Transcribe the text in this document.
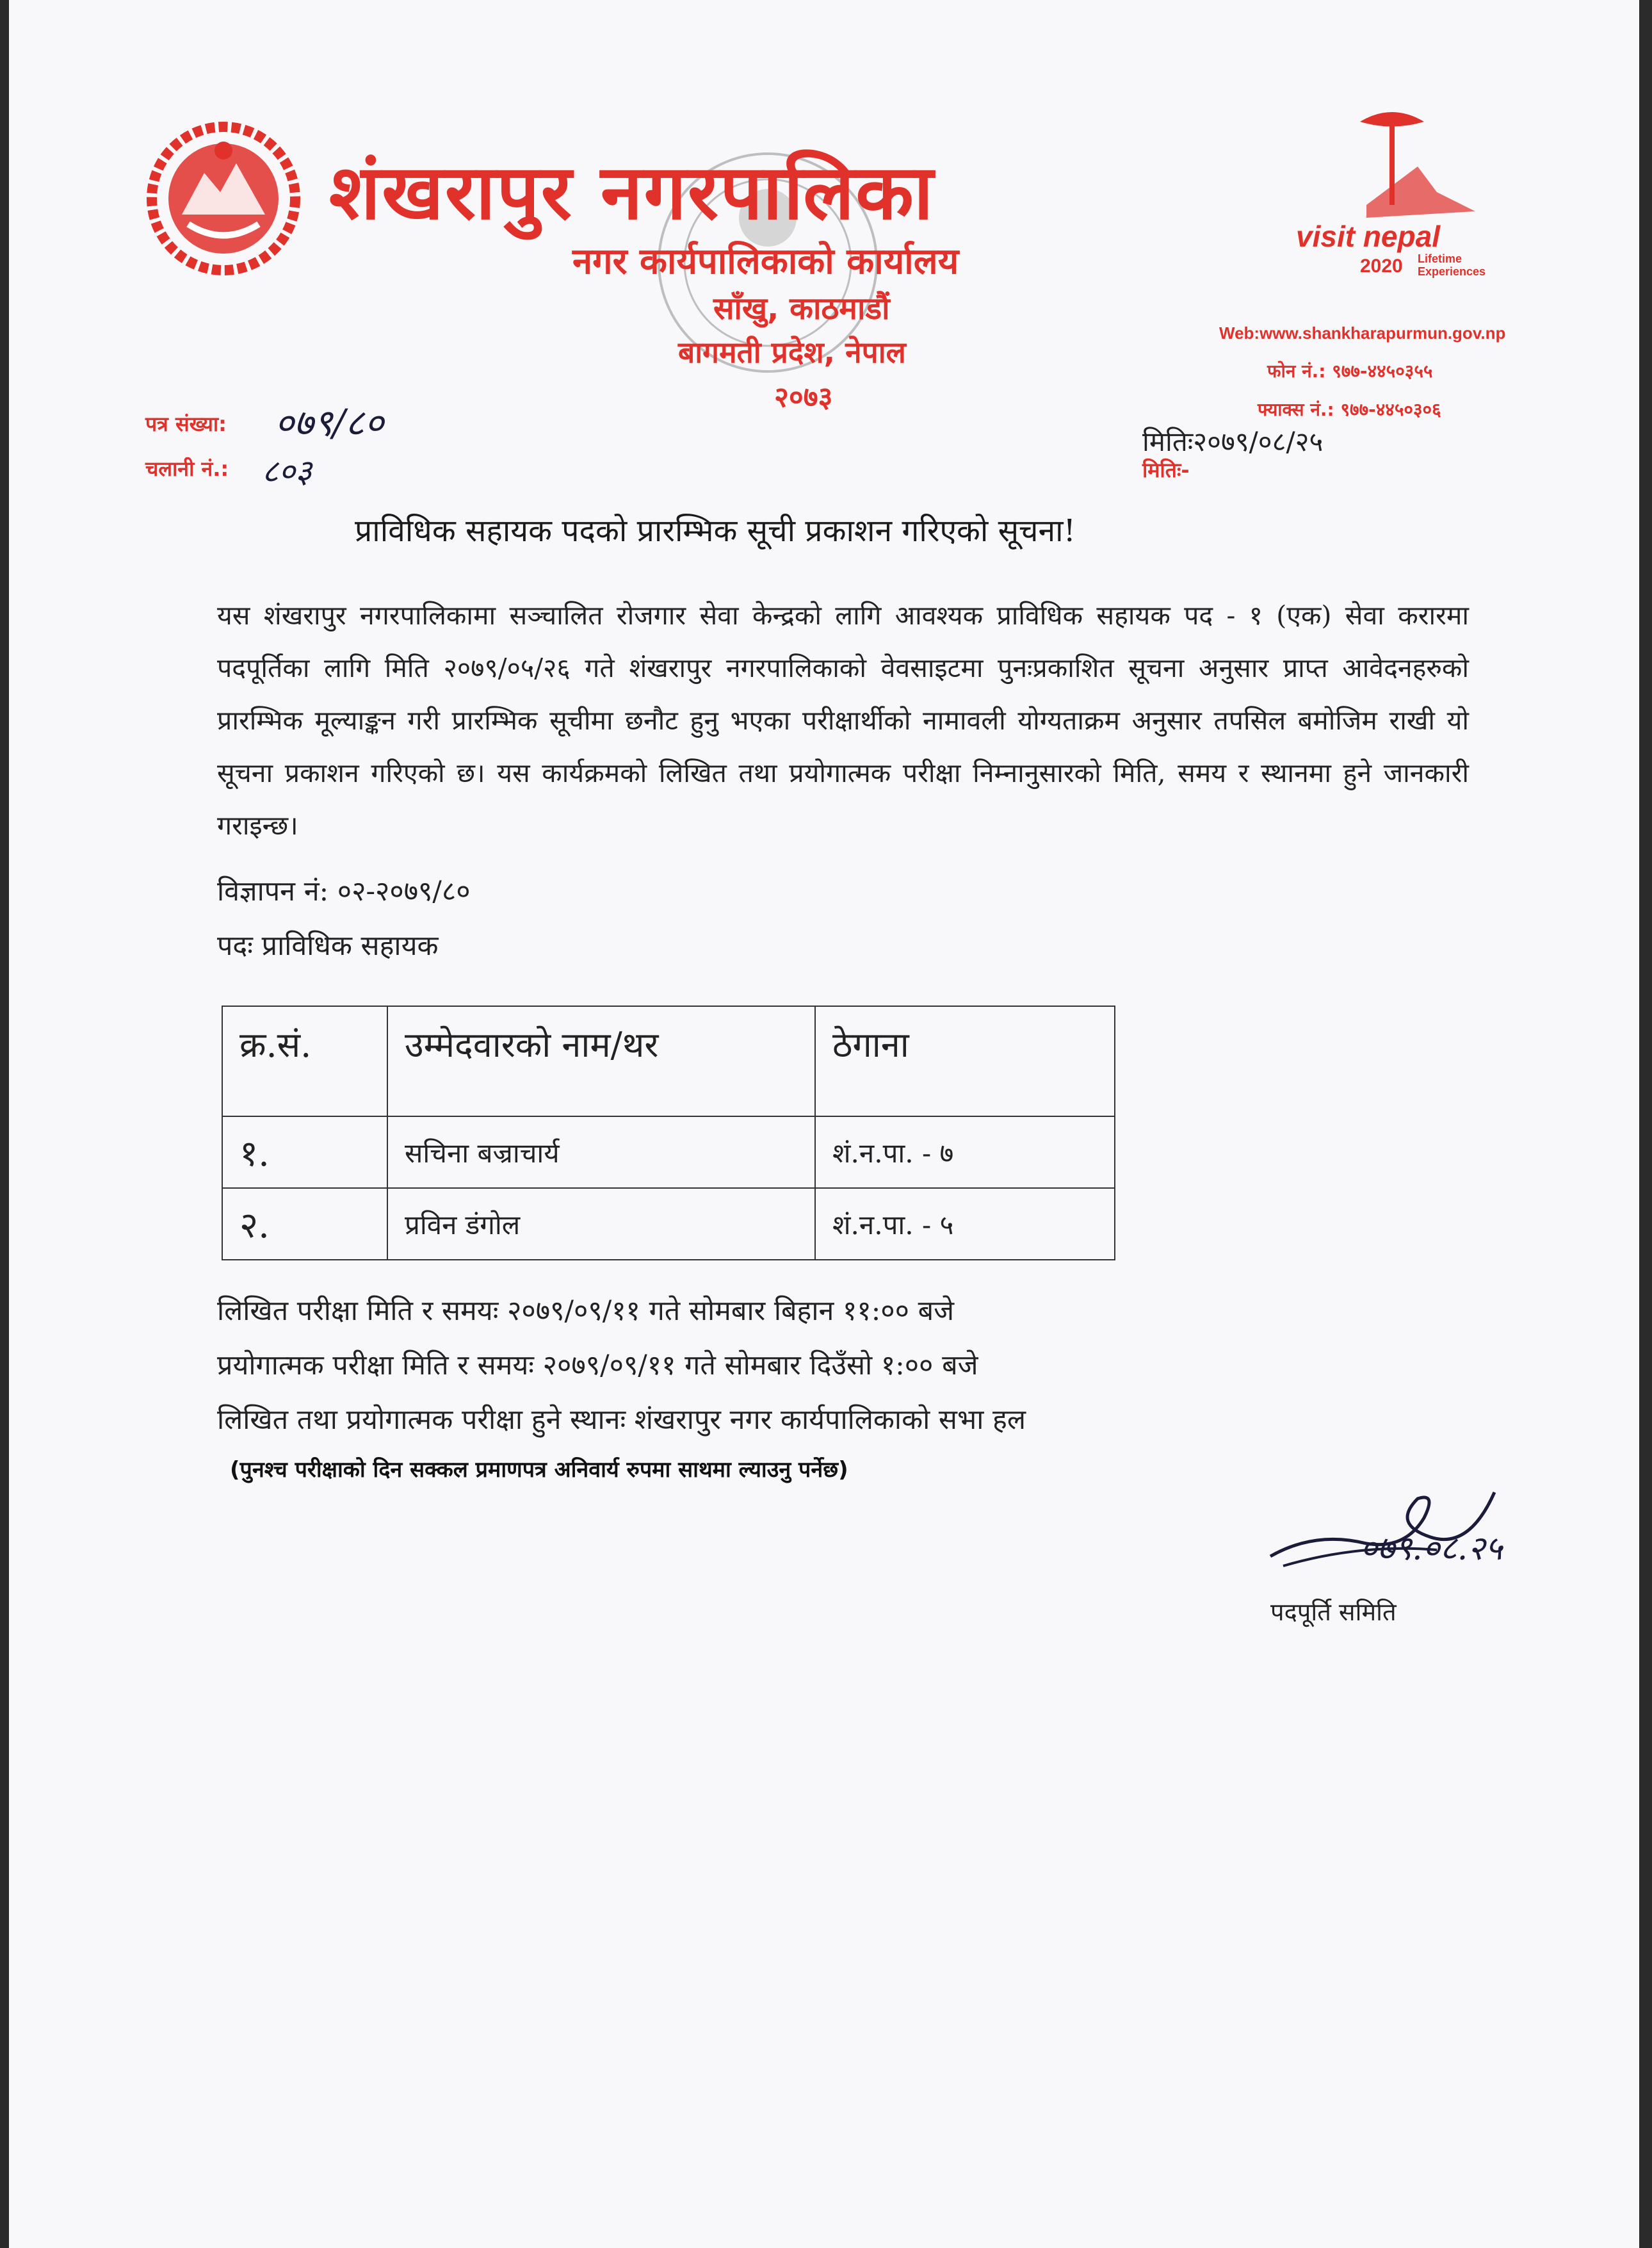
शंखरापुर नगरपालिका
नगर कार्यपालिकाको कार्यालय
साँखु, काठमाडौं
बागमती प्रदेश, नेपाल
२०७३
visit nepal
2020 Lifetime
Experiences
Web:www.shankharapurmun.gov.np
फोन नं.: ९७७-४४५०३५५
फ्याक्स नं.: ९७७-४४५०३०६
पत्र संख्या: ०७९/८०
चलानी नं.: ८०३
मितिः२०७९/०८/२५
मितिः-
प्राविधिक सहायक पदको प्रारम्भिक सूची प्रकाशन गरिएको सूचना!
यस शंखरापुर नगरपालिकामा सञ्चालित रोजगार सेवा केन्द्रको लागि आवश्यक प्राविधिक सहायक पद - १ (एक) सेवा करारमा पदपूर्तिका लागि मिति २०७९/०५/२६ गते शंखरापुर नगरपालिकाको वेवसाइटमा पुनःप्रकाशित सूचना अनुसार प्राप्त आवेदनहरुको प्रारम्भिक मूल्याङ्कन गरी प्रारम्भिक सूचीमा छनौट हुनु भएका परीक्षार्थीको नामावली योग्यताक्रम अनुसार तपसिल बमोजिम राखी यो सूचना प्रकाशन गरिएको छ। यस कार्यक्रमको लिखित तथा प्रयोगात्मक परीक्षा निम्नानुसारको मिति, समय र स्थानमा हुने जानकारी गराइन्छ।
विज्ञापन नं: ०२-२०७९/८०
पदः प्राविधिक सहायक
क्र.सं.	उम्मेदवारको नाम/थर	ठेगाना
१.	सचिना बज्राचार्य	शं.न.पा. - ७
२.	प्रविन डंगोल	शं.न.पा. - ५
लिखित परीक्षा मिति र समयः २०७९/०९/११ गते सोमबार बिहान ११:०० बजे
प्रयोगात्मक परीक्षा मिति र समयः २०७९/०९/११ गते सोमबार दिउँसो १:०० बजे
लिखित तथा प्रयोगात्मक परीक्षा हुने स्थानः शंखरापुर नगर कार्यपालिकाको सभा हल
(पुनश्च परीक्षाको दिन सक्कल प्रमाणपत्र अनिवार्य रुपमा साथमा ल्याउनु पर्नेछ)
०७९.०८.२५
पदपूर्ति समिति
